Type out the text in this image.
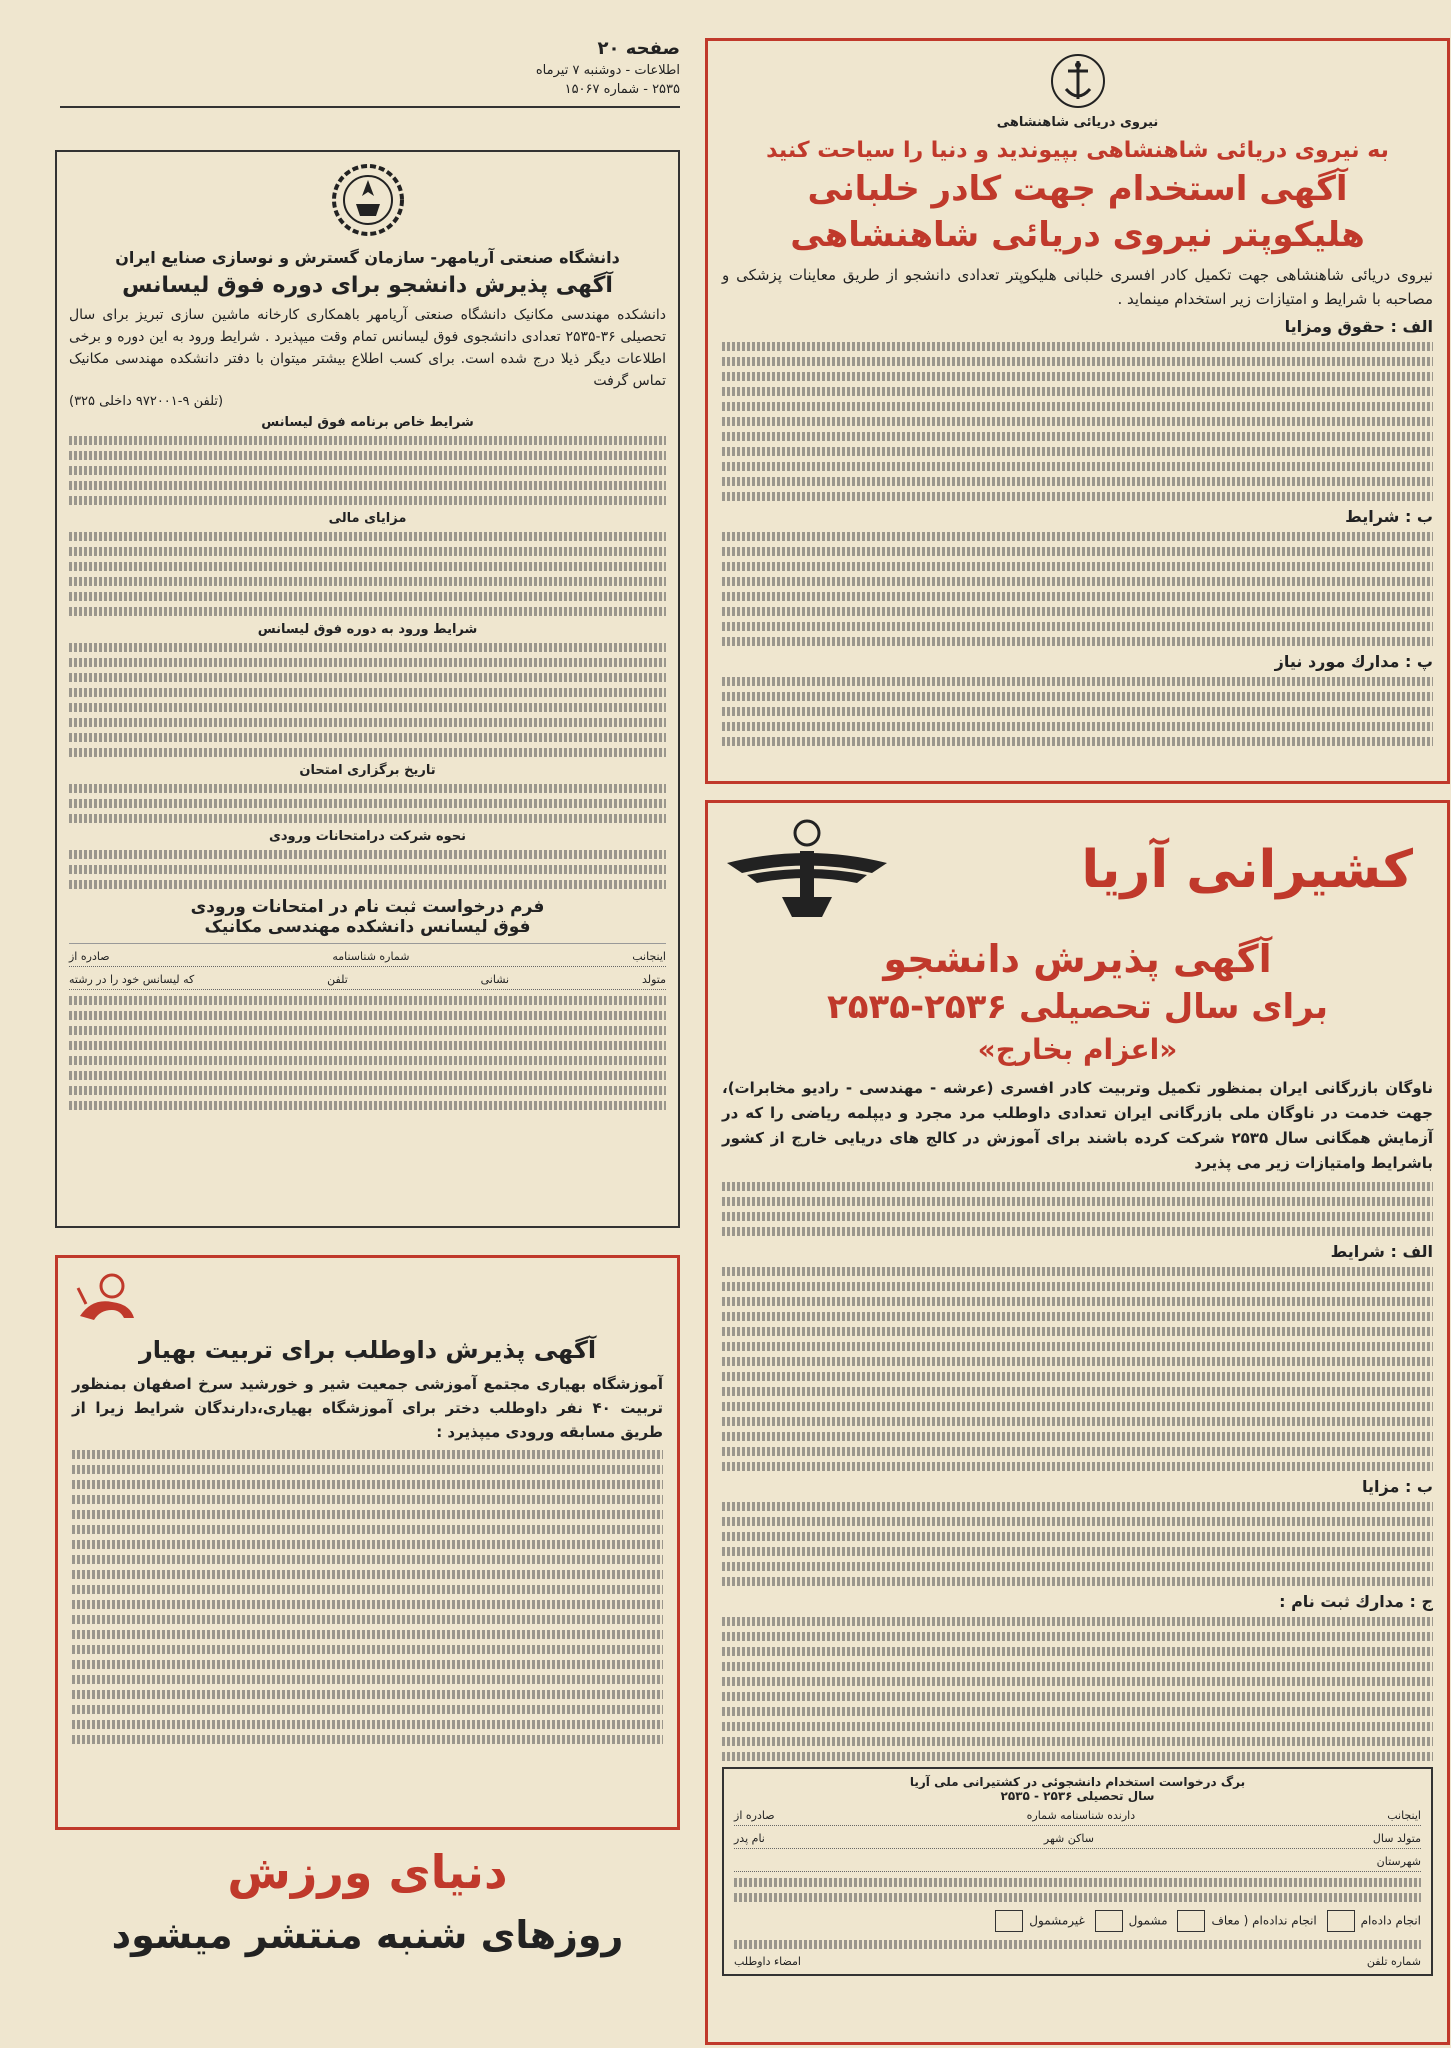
صفحه ۲۰
اطلاعات - دوشنبه ۷ تیرماه
۲۵۳۵ - شماره ۱۵۰۶۷
دانشگاه صنعتی آریامهر- سازمان گسترش و نوسازی صنایع ایران
آگهی پذیرش دانشجو برای دوره فوق لیسانس
دانشکده مهندسی مکانیک دانشگاه صنعتی آریامهر باهمکاری کارخانه ماشین سازی تبریز برای سال تحصیلی ۳۶-۲۵۳۵ تعدادی دانشجوی فوق لیسانس تمام وقت میپذیرد . شرایط ورود به این دوره و برخی اطلاعات دیگر ذیلا درج شده است. برای کسب اطلاع بیشتر میتوان با دفتر دانشکده مهندسی مکانیک تماس گرفت
(تلفن ۹-۹۷۲۰۰۱ داخلی ۳۲۵)
شرایط خاص برنامه فوق لیسانس
مزایای مالی
شرایط ورود به دوره فوق لیسانس
تاریخ برگزاری امتحان
نحوه شرکت درامتحانات ورودی
فرم درخواست ثبت نام در امتحانات ورودی
فوق لیسانس دانشکده مهندسی مکانیک
اینجانب
شماره شناسنامه
صادره از
متولد
نشانی
تلفن
که لیسانس خود را در رشته
نیروی دریائی شاهنشاهی
به نیروی دریائی شاهنشاهی بپیوندید و دنیا را سیاحت کنید
آگهی استخدام جهت کادر خلبانی
هلیکوپتر نیروی دریائی شاهنشاهی
نیروی دریائی شاهنشاهی جهت تکمیل کادر افسری خلبانی هلیکوپتر تعدادی دانشجو از طریق معاینات پزشکی و مصاحبه با شرایط و امتیازات زیر استخدام مینماید .
الف : حقوق ومزایا
ب : شرایط
پ : مدارك مورد نیاز
کشیرانی آریا
آگهی پذیرش دانشجو
برای سال تحصیلی ۲۵۳۶-۲۵۳۵
«اعزام بخارج»
ناوگان بازرگانی ایران بمنظور تکمیل وتربیت کادر افسری (عرشه - مهندسی - رادیو مخابرات)، جهت خدمت در ناوگان ملی بازرگانی ایران تعدادی داوطلب مرد مجرد و دیپلمه ریاضی را که در آزمایش همگانی سال ۲۵۳۵ شرکت کرده باشند برای آموزش در کالج های دریایی خارج از کشور باشرایط وامتیازات زیر می پذیرد
الف : شرایط
ب : مزایا
ج : مدارك ثبت نام :
برگ درخواست استخدام دانشجوئی در کشتیرانی ملی آریا
سال تحصیلی ۲۵۳۶ - ۲۵۳۵
اینجانب
دارنده شناسنامه شماره
صادره از
متولد سال
ساکن شهر
نام پدر
شهرستان
انجام داده‌ام انجام نداده‌ام ( معاف مشمول غیرمشمول
شماره تلفن
امضاء داوطلب
آگهی پذیرش داوطلب برای تربیت بهیار
آموزشگاه بهیاری مجتمع آموزشی جمعیت شیر و خورشید سرخ اصفهان بمنظور تربیت ۴۰ نفر داوطلب دختر برای آموزشگاه بهیاری،دارندگان شرایط زیرا از طریق مسابقه ورودی میپذیرد :
دنیای ورزش
روزهای شنبه منتشر میشود
